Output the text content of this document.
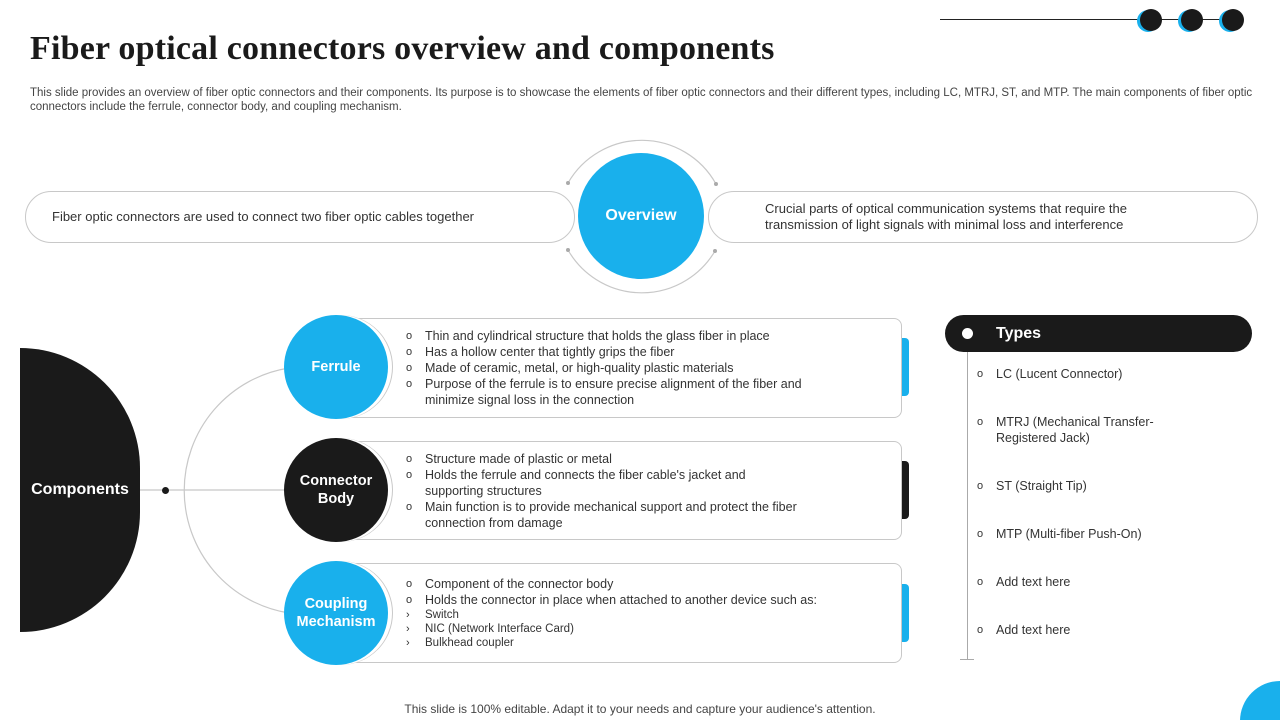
Fiber optical connectors overview and components
This slide provides an overview of fiber optic connectors and their components. Its purpose is to showcase the elements of fiber optic connectors and their different types, including LC, MTRJ, ST, and MTP. The main components of fiber optic connectors include the ferrule, connector body, and coupling mechanism.
Fiber optic connectors are used to connect two fiber optic cables together
Crucial parts of optical communication systems that require the transmission of light signals with minimal loss and interference
Overview
Components
Ferrule
Connector Body
Coupling Mechanism
o Thin and cylindrical structure that holds the glass fiber in place
o Has a hollow center that tightly grips the fiber
o Made of ceramic, metal, or high-quality plastic materials
o Purpose of the ferrule is to ensure precise alignment of the fiber and minimize signal loss in the connection
o Structure made of plastic or metal
o Holds the ferrule and connects the fiber cable's jacket and supporting structures
o Main function is to provide mechanical support and protect the fiber connection from damage
o Component of the connector body
o Holds the connector in place when attached to another device such as:
› Switch
› NIC (Network Interface Card)
› Bulkhead coupler
Types
o LC (Lucent Connector)
o MTRJ (Mechanical Transfer-Registered Jack)
o ST (Straight Tip)
o MTP (Multi-fiber Push-On)
o Add text here
o Add text here
This slide is 100% editable. Adapt it to your needs and capture your audience's attention.
